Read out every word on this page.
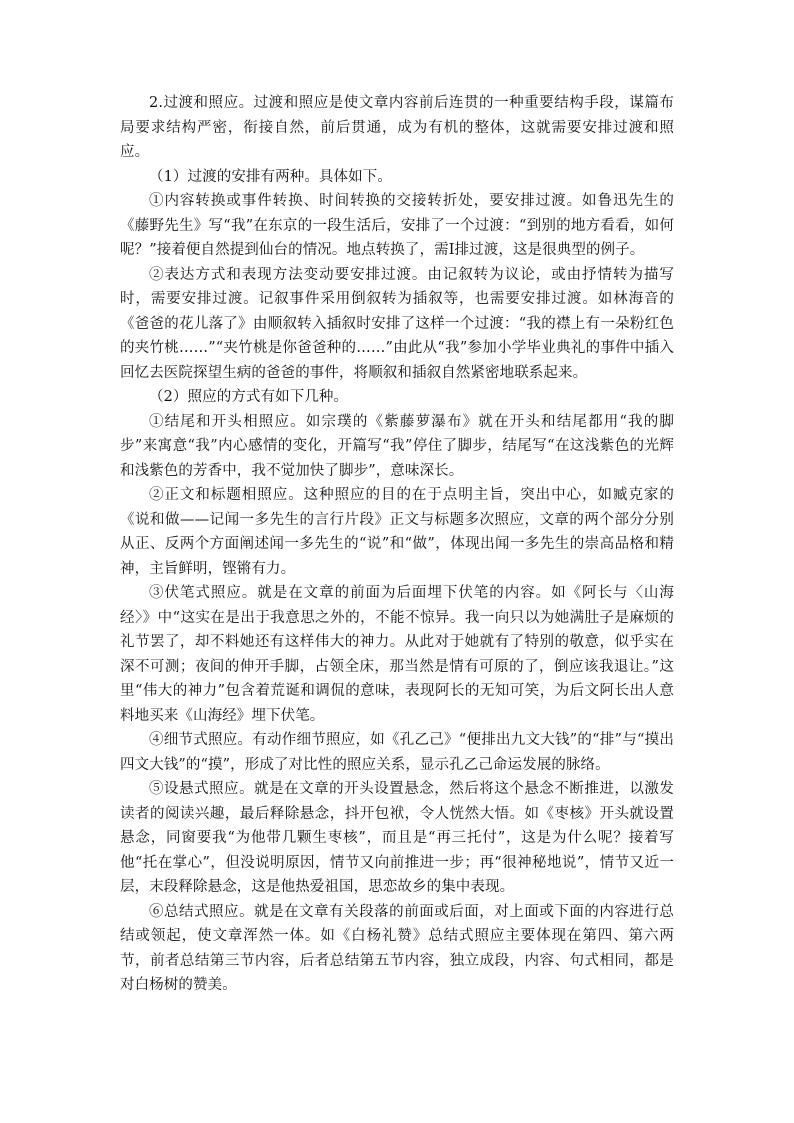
2.过渡和照应。过渡和照应是使文章内容前后连贯的一种重要结构手段，谋篇布局要求结构严密，衔接自然，前后贯通，成为有机的整体，这就需要安排过渡和照应。

（1）过渡的安排有两种。具体如下。

①内容转换或事件转换、时间转换的交接转折处，要安排过渡。如鲁迅先生的《藤野先生》写“我”在东京的一段生活后，安排了一个过渡：“到别的地方看看，如何呢？”接着便自然提到仙台的情况。地点转换了，需Ⅰ排过渡，这是很典型的例子。

②表达方式和表现方法变动要安排过渡。由记叙转为议论，或由抒情转为描写时，需要安排过渡。记叙事件采用倒叙转为插叙等，也需要安排过渡。如林海音的《爸爸的花儿落了》由顺叙转入插叙时安排了这样一个过渡：“我的襟上有一朵粉红色的夹竹桃……”“夹竹桃是你爸爸种的……”由此从“我”参加小学毕业典礼的事件中插入回忆去医院探望生病的爸爸的事件，将顺叙和插叙自然紧密地联系起来。

（2）照应的方式有如下几种。

①结尾和开头相照应。如宗璞的《紫藤萝瀑布》就在开头和结尾都用“我的脚步”来寓意“我”内心感情的变化，开篇写“我”停住了脚步，结尾写“在这浅紫色的光辉和浅紫色的芳香中，我不觉加快了脚步”，意味深长。

②正文和标题相照应。这种照应的目的在于点明主旨，突出中心，如臧克家的《说和做——记闻一多先生的言行片段》正文与标题多次照应，文章的两个部分分别从正、反两个方面阐述闻一多先生的“说”和“做”，体现出闻一多先生的崇高品格和精神，主旨鲜明，铿锵有力。

③伏笔式照应。就是在文章的前面为后面埋下伏笔的内容。如《阿长与〈山海经〉》中“这实在是出于我意思之外的，不能不惊异。我一向只以为她满肚子是麻烦的礼节罢了，却不料她还有这样伟大的神力。从此对于她就有了特别的敬意，似乎实在深不可测；夜间的伸开手脚，占领全床，那当然是情有可原的了，倒应该我退让。”这里“伟大的神力”包含着荒诞和调侃的意味，表现阿长的无知可笑，为后文阿长出人意料地买来《山海经》埋下伏笔。

④细节式照应。有动作细节照应，如《孔乙己》“便排出九文大钱”的“排”与“摸出四文大钱”的“摸”，形成了对比性的照应关系，显示孔乙己命运发展的脉络。

⑤设悬式照应。就是在文章的开头设置悬念，然后将这个悬念不断推进，以激发读者的阅读兴趣，最后释除悬念，抖开包袱，令人恍然大悟。如《枣核》开头就设置悬念，同窗要我“为他带几颗生枣核”，而且是“再三托付”，这是为什么呢？接着写他“托在掌心”，但没说明原因，情节又向前推进一步；再“很神秘地说”，情节又近一层，末段释除悬念，这是他热爱祖国，思恋故乡的集中表现。

⑥总结式照应。就是在文章有关段落的前面或后面，对上面或下面的内容进行总结或领起，使文章浑然一体。如《白杨礼赞》总结式照应主要体现在第四、第六两节，前者总结第三节内容，后者总结第五节内容，独立成段，内容、句式相同，都是对白杨树的赞美。
